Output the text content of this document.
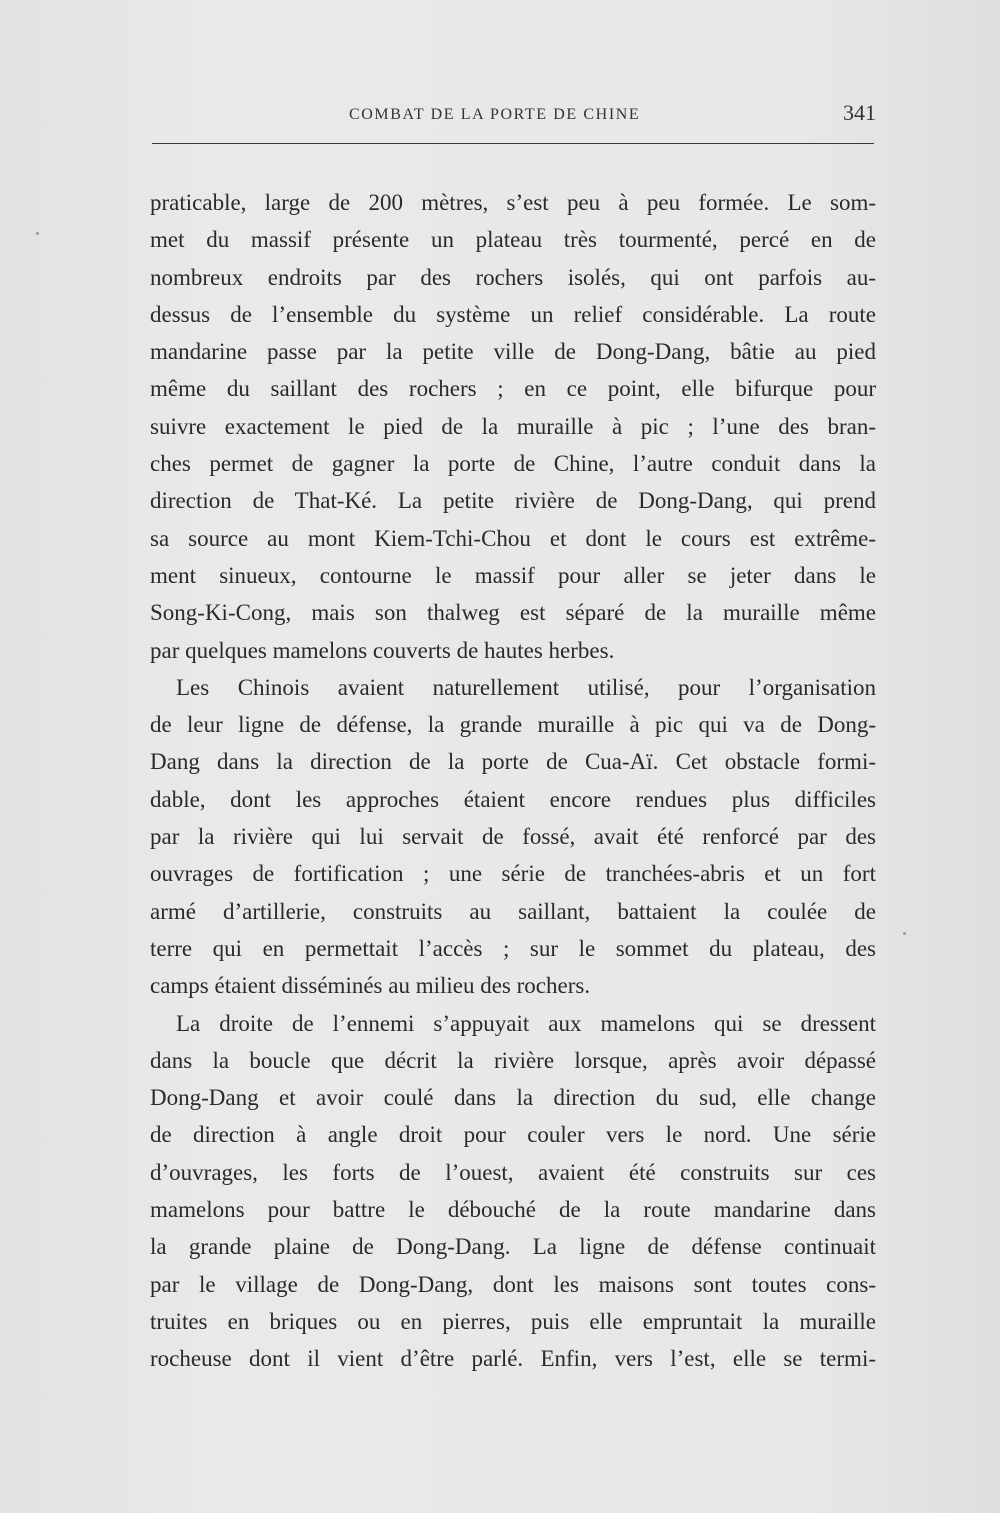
COMBAT DE LA PORTE DE CHINE	341
praticable, large de 200 mètres, s’est peu à peu formée. Le som-
met du massif présente un plateau très tourmenté, percé en de
nombreux endroits par des rochers isolés, qui ont parfois au-
dessus de l’ensemble du système un relief considérable. La route
mandarine passe par la petite ville de Dong-Dang, bâtie au pied
même du saillant des rochers ; en ce point, elle bifurque pour
suivre exactement le pied de la muraille à pic ; l’une des bran-
ches permet de gagner la porte de Chine, l’autre conduit dans la
direction de That-Ké. La petite rivière de Dong-Dang, qui prend
sa source au mont Kiem-Tchi-Chou et dont le cours est extrême-
ment sinueux, contourne le massif pour aller se jeter dans le
Song-Ki-Cong, mais son thalweg est séparé de la muraille même
par quelques mamelons couverts de hautes herbes.
Les Chinois avaient naturellement utilisé, pour l’organisation
de leur ligne de défense, la grande muraille à pic qui va de Dong-
Dang dans la direction de la porte de Cua-Aï. Cet obstacle formi-
dable, dont les approches étaient encore rendues plus difficiles
par la rivière qui lui servait de fossé, avait été renforcé par des
ouvrages de fortification ; une série de tranchées-abris et un fort
armé d’artillerie, construits au saillant, battaient la coulée de
terre qui en permettait l’accès ; sur le sommet du plateau, des
camps étaient disséminés au milieu des rochers.
La droite de l’ennemi s’appuyait aux mamelons qui se dressent
dans la boucle que décrit la rivière lorsque, après avoir dépassé
Dong-Dang et avoir coulé dans la direction du sud, elle change
de direction à angle droit pour couler vers le nord. Une série
d’ouvrages, les forts de l’ouest, avaient été construits sur ces
mamelons pour battre le débouché de la route mandarine dans
la grande plaine de Dong-Dang. La ligne de défense continuait
par le village de Dong-Dang, dont les maisons sont toutes cons-
truites en briques ou en pierres, puis elle empruntait la muraille
rocheuse dont il vient d’être parlé. Enfin, vers l’est, elle se termi-
